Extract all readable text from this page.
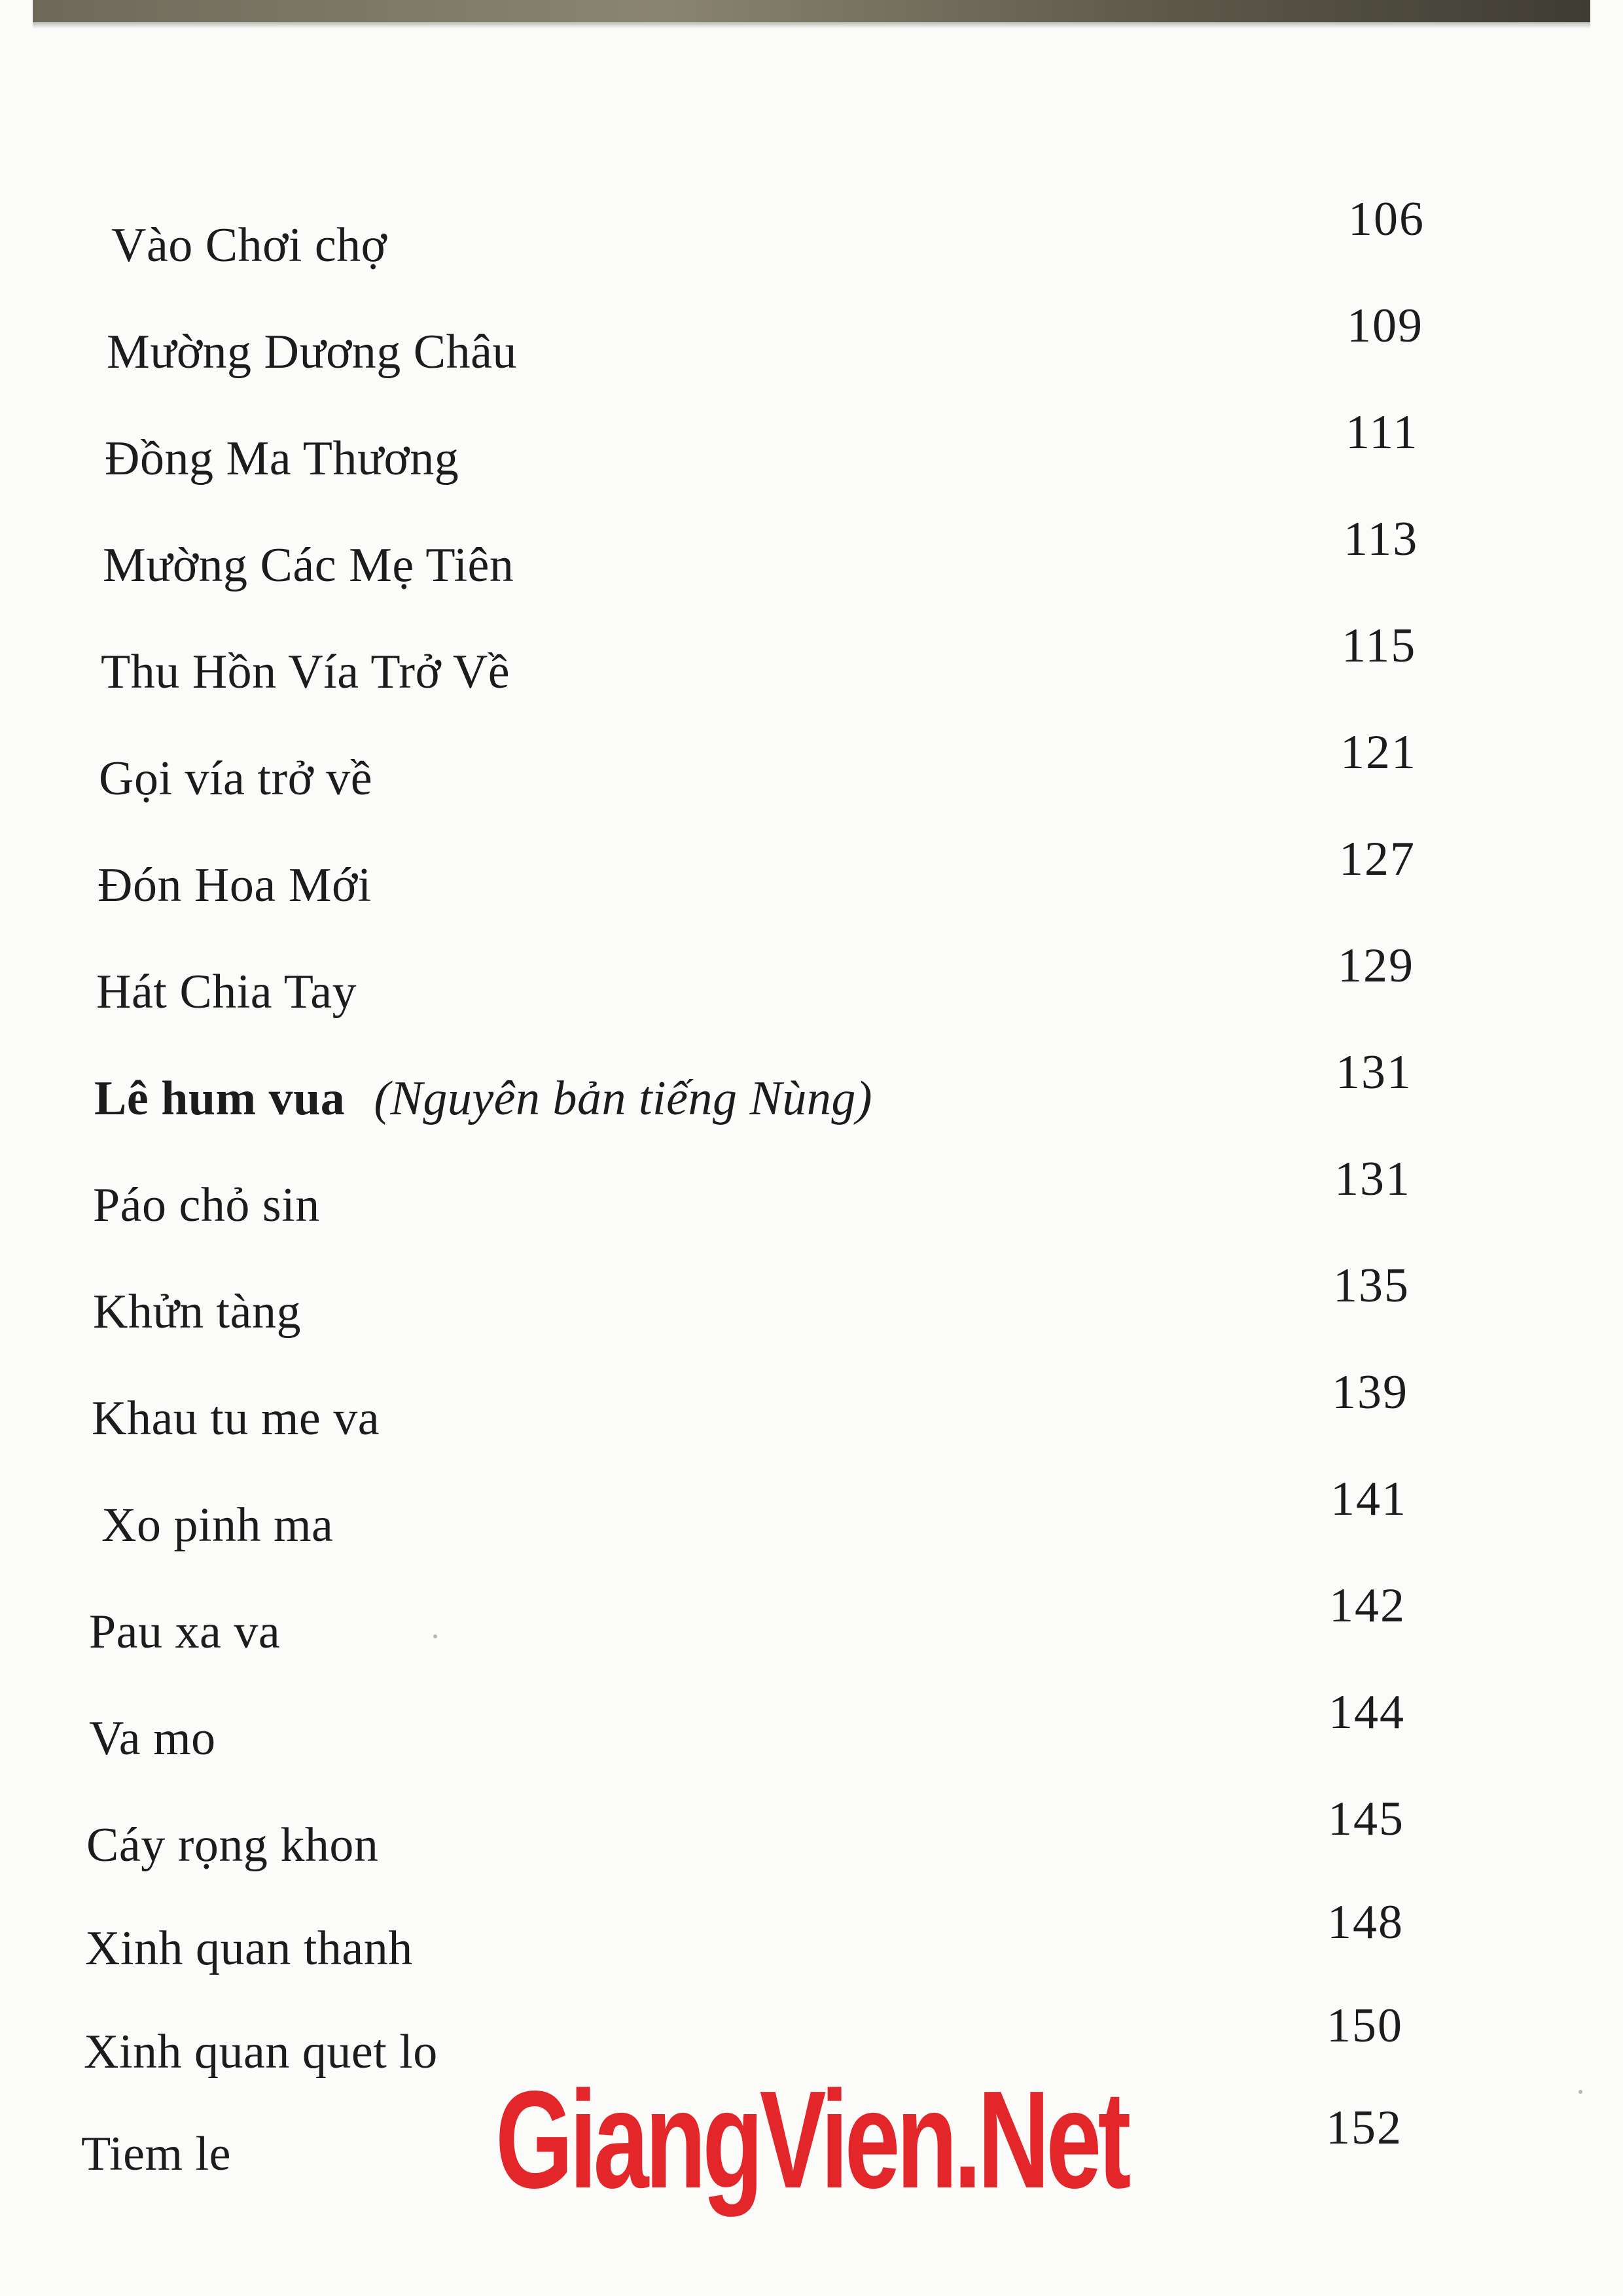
Vào Chơi chợ	106
Mường Dương Châu	109
Đồng Ma Thương	111
Mường Các Mẹ Tiên	113
Thu Hồn Vía Trở Về	115
Gọi vía trở về	121
Đón Hoa Mới	127
Hát Chia Tay	129
Lê hum vua (Nguyên bản tiếng Nùng)	131
Páo chỏ sin	131
Khửn tàng	135
Khau tu me va	139
Xo pinh ma	141
Pau xa va	142
Va mo	144
Cáy rọng khon	145
Xinh quan thanh	148
Xinh quan quet lo	150
Tiem le	152
GiangVien.Net
